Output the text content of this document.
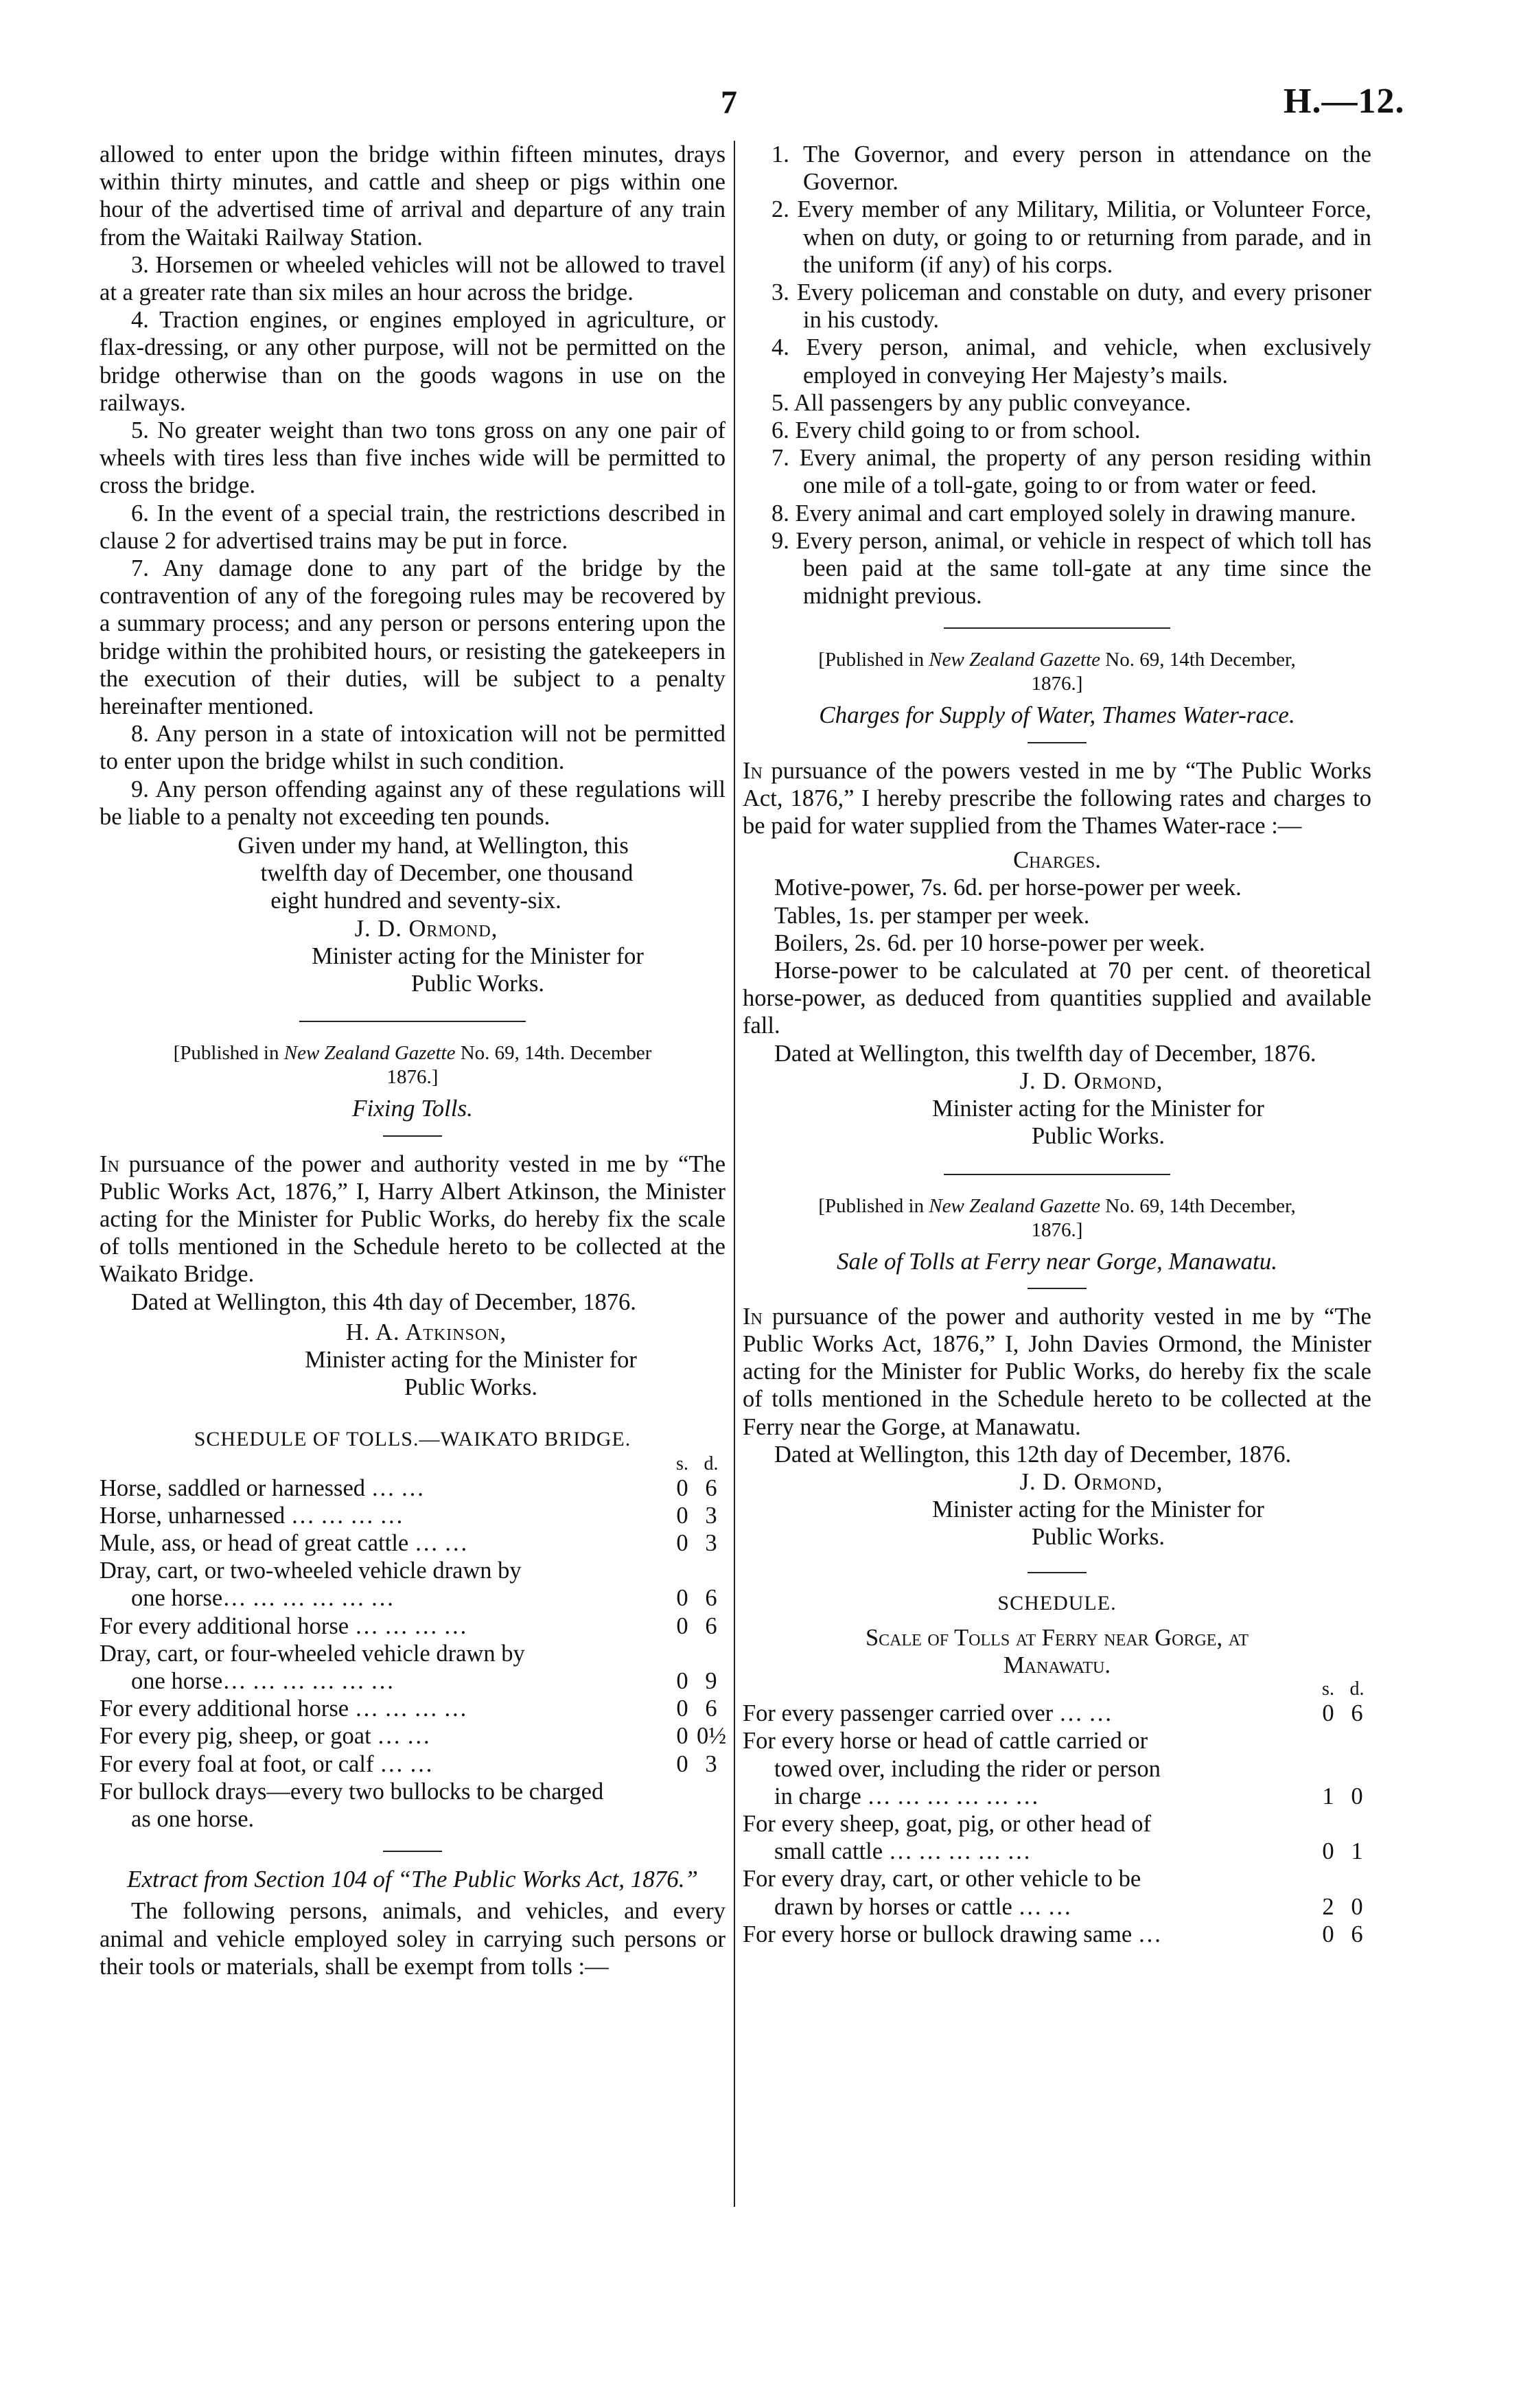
7	H.—12.

allowed to enter upon the bridge within fifteen minutes, drays within thirty minutes, and cattle and sheep or pigs within one hour of the advertised time of arrival and departure of any train from the Waitaki Railway Station.

3. Horsemen or wheeled vehicles will not be allowed to travel at a greater rate than six miles an hour across the bridge.

4. Traction engines, or engines employed in agriculture, or flax-dressing, or any other purpose, will not be permitted on the bridge otherwise than on the goods wagons in use on the railways.

5. No greater weight than two tons gross on any one pair of wheels with tires less than five inches wide will be permitted to cross the bridge.

6. In the event of a special train, the restrictions described in clause 2 for advertised trains may be put in force.

7. Any damage done to any part of the bridge by the contravention of any of the foregoing rules may be recovered by a summary process; and any person or persons entering upon the bridge within the prohibited hours, or resisting the gatekeepers in the execution of their duties, will be subject to a penalty hereinafter mentioned.

8. Any person in a state of intoxication will not be permitted to enter upon the bridge whilst in such condition.

9. Any person offending against any of these regulations will be liable to a penalty not exceeding ten pounds.

Given under my hand, at Wellington, this
twelfth day of December, one thousand
eight hundred and seventy-six.
J. D. Ormond,
Minister acting for the Minister for
Public Works.
[Published in New Zealand Gazette No. 69, 14th. December
1876.]
Fixing Tolls.

In pursuance of the power and authority vested in me by “The Public Works Act, 1876,” I, Harry Albert Atkinson, the Minister acting for the Minister for Public Works, do hereby fix the scale of tolls mentioned in the Schedule hereto to be collected at the Waikato Bridge.

Dated at Wellington, this 4th day of December, 1876.

H. A. Atkinson,
Minister acting for the Minister for
Public Works.
SCHEDULE OF TOLLS.—WAIKATO BRIDGE.
s. d.
Horse, saddled or harnessed … …	0 6
Horse, unharnessed … … … …	0 3
Mule, ass, or head of great cattle … …	0 3
Dray, cart, or two-wheeled vehicle drawn by
one horse… … … … … …	0 6
For every additional horse … … … …	0 6
Dray, cart, or four-wheeled vehicle drawn by
one horse… … … … … …	0 9
For every additional horse … … … …	0 6
For every pig, sheep, or goat … …	0 0½
For every foal at foot, or calf … …	0 3
For bullock drays—every two bullocks to be charged
as one horse.
Extract from Section 104 of “The Public Works Act, 1876.”

The following persons, animals, and vehicles, and every animal and vehicle employed soley in carrying such persons or their tools or materials, shall be exempt from tolls :—

1. The Governor, and every person in attendance on the Governor.
2. Every member of any Military, Militia, or Volunteer Force, when on duty, or going to or returning from parade, and in the uniform (if any) of his corps.
3. Every policeman and constable on duty, and every prisoner in his custody.
4. Every person, animal, and vehicle, when exclusively employed in conveying Her Majesty’s mails.
5. All passengers by any public conveyance.
6. Every child going to or from school.
7. Every animal, the property of any person residing within one mile of a toll-gate, going to or from water or feed.
8. Every animal and cart employed solely in drawing manure.
9. Every person, animal, or vehicle in respect of which toll has been paid at the same toll-gate at any time since the midnight previous.
[Published in New Zealand Gazette No. 69, 14th December,
1876.]
Charges for Supply of Water, Thames Water-race.

In pursuance of the powers vested in me by “The Public Works Act, 1876,” I hereby prescribe the following rates and charges to be paid for water supplied from the Thames Water-race :—

Charges.

Motive-power, 7s. 6d. per horse-power per week.

Tables, 1s. per stamper per week.

Boilers, 2s. 6d. per 10 horse-power per week.

Horse-power to be calculated at 70 per cent. of theoretical horse-power, as deduced from quantities supplied and available fall.

Dated at Wellington, this twelfth day of December, 1876.

J. D. Ormond,
Minister acting for the Minister for
Public Works.
[Published in New Zealand Gazette No. 69, 14th December,
1876.]
Sale of Tolls at Ferry near Gorge, Manawatu.

In pursuance of the power and authority vested in me by “The Public Works Act, 1876,” I, John Davies Ormond, the Minister acting for the Minister for Public Works, do hereby fix the scale of tolls mentioned in the Schedule hereto to be collected at the Ferry near the Gorge, at Manawatu.

Dated at Wellington, this 12th day of December, 1876.

J. D. Ormond,
Minister acting for the Minister for
Public Works.
SCHEDULE.
Scale of Tolls at Ferry near Gorge, at
Manawatu.
s. d.
For every passenger carried over … …	0 6
For every horse or head of cattle carried or
towed over, including the rider or person
in charge … … … … … …	1 0
For every sheep, goat, pig, or other head of
small cattle … … … … …	0 1
For every dray, cart, or other vehicle to be
drawn by horses or cattle … …	2 0
For every horse or bullock drawing same …	0 6
